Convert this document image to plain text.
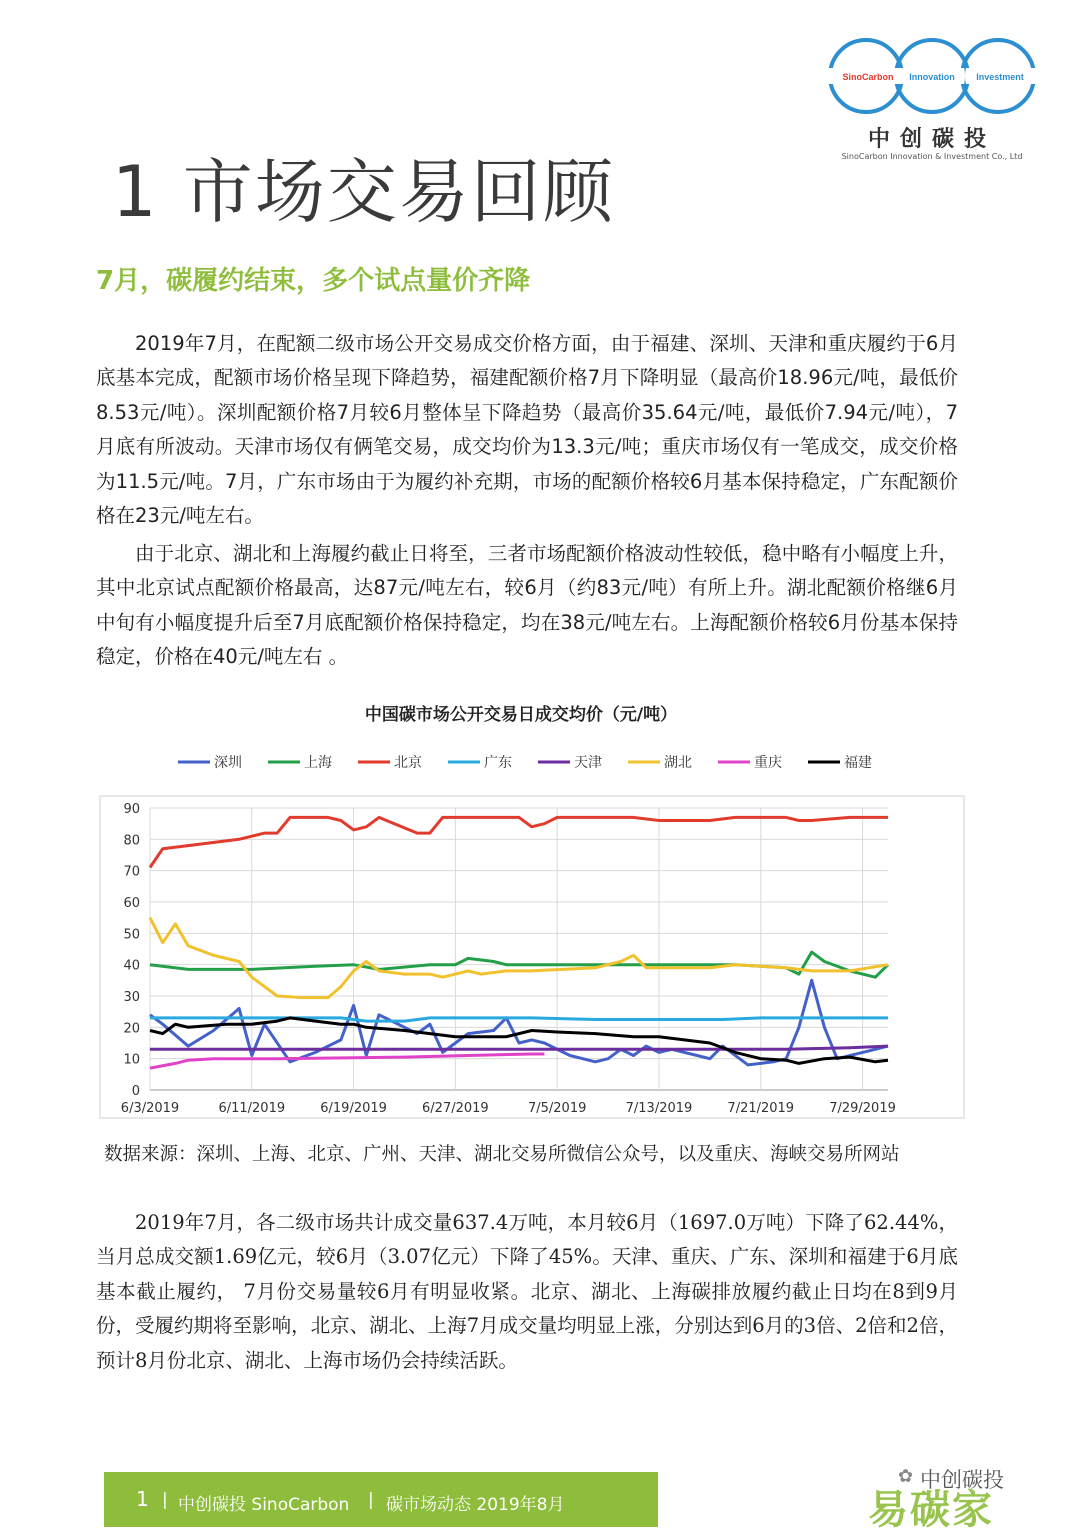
SinoCarbon Innovation Investment
中创碳投
SinoCarbon Innovation & Investment Co., Ltd
1 市场交易回顾
7月，碳履约结束，多个试点量价齐降

2019年7月，在配额二级市场公开交易成交价格方面，由于福建、深圳、天津和重庆履约于6月底基本完成，配额市场价格呈现下降趋势，福建配额价格7月下降明显（最高价18.96元/吨，最低价8.53元/吨）。深圳配额价格7月较6月整体呈下降趋势（最高价35.64元/吨，最低价7.94元/吨），7月底有所波动。天津市场仅有俩笔交易，成交均价为13.3元/吨；重庆市场仅有一笔成交，成交价格为11.5元/吨。7月，广东市场由于为履约补充期，市场的配额价格较6月基本保持稳定，广东配额价格在23元/吨左右。

由于北京、湖北和上海履约截止日将至，三者市场配额价格波动性较低，稳中略有小幅度上升，其中北京试点配额价格最高，达87元/吨左右，较6月（约83元/吨）有所上升。湖北配额价格继6月中旬有小幅度提升后至7月底配额价格保持稳定，均在38元/吨左右。上海配额价格较6月份基本保持稳定，价格在40元/吨左右 。

中国碳市场公开交易日成交均价（元/吨）
深圳	上海	北京	广东	天津	湖北	重庆	福建
0
10
20
30
40
50
60
70
80
90
6/3/2019	6/11/2019	6/19/2019	6/27/2019	7/5/2019	7/13/2019	7/21/2019	7/29/2019

数据来源：深圳、上海、北京、广州、天津、湖北交易所微信公众号，以及重庆、海峡交易所网站

2019年7月，各二级市场共计成交量637.4万吨，本月较6月（1697.0万吨）下降了62.44%，当月总成交额1.69亿元，较6月（3.07亿元）下降了45%。天津、重庆、广东、深圳和福建于6月底基本截止履约， 7月份交易量较6月有明显收紧。北京、湖北、上海碳排放履约截止日均在8到9月份，受履约期将至影响，北京、湖北、上海7月成交量均明显上涨，分别达到6月的3倍、2倍和2倍，预计8月份北京、湖北、上海市场仍会持续活跃。

1 | 中创碳投 SinoCarbon | 碳市场动态 2019年8月
✿ 中创碳投
易碳家 Tanjiaoyi
.com
